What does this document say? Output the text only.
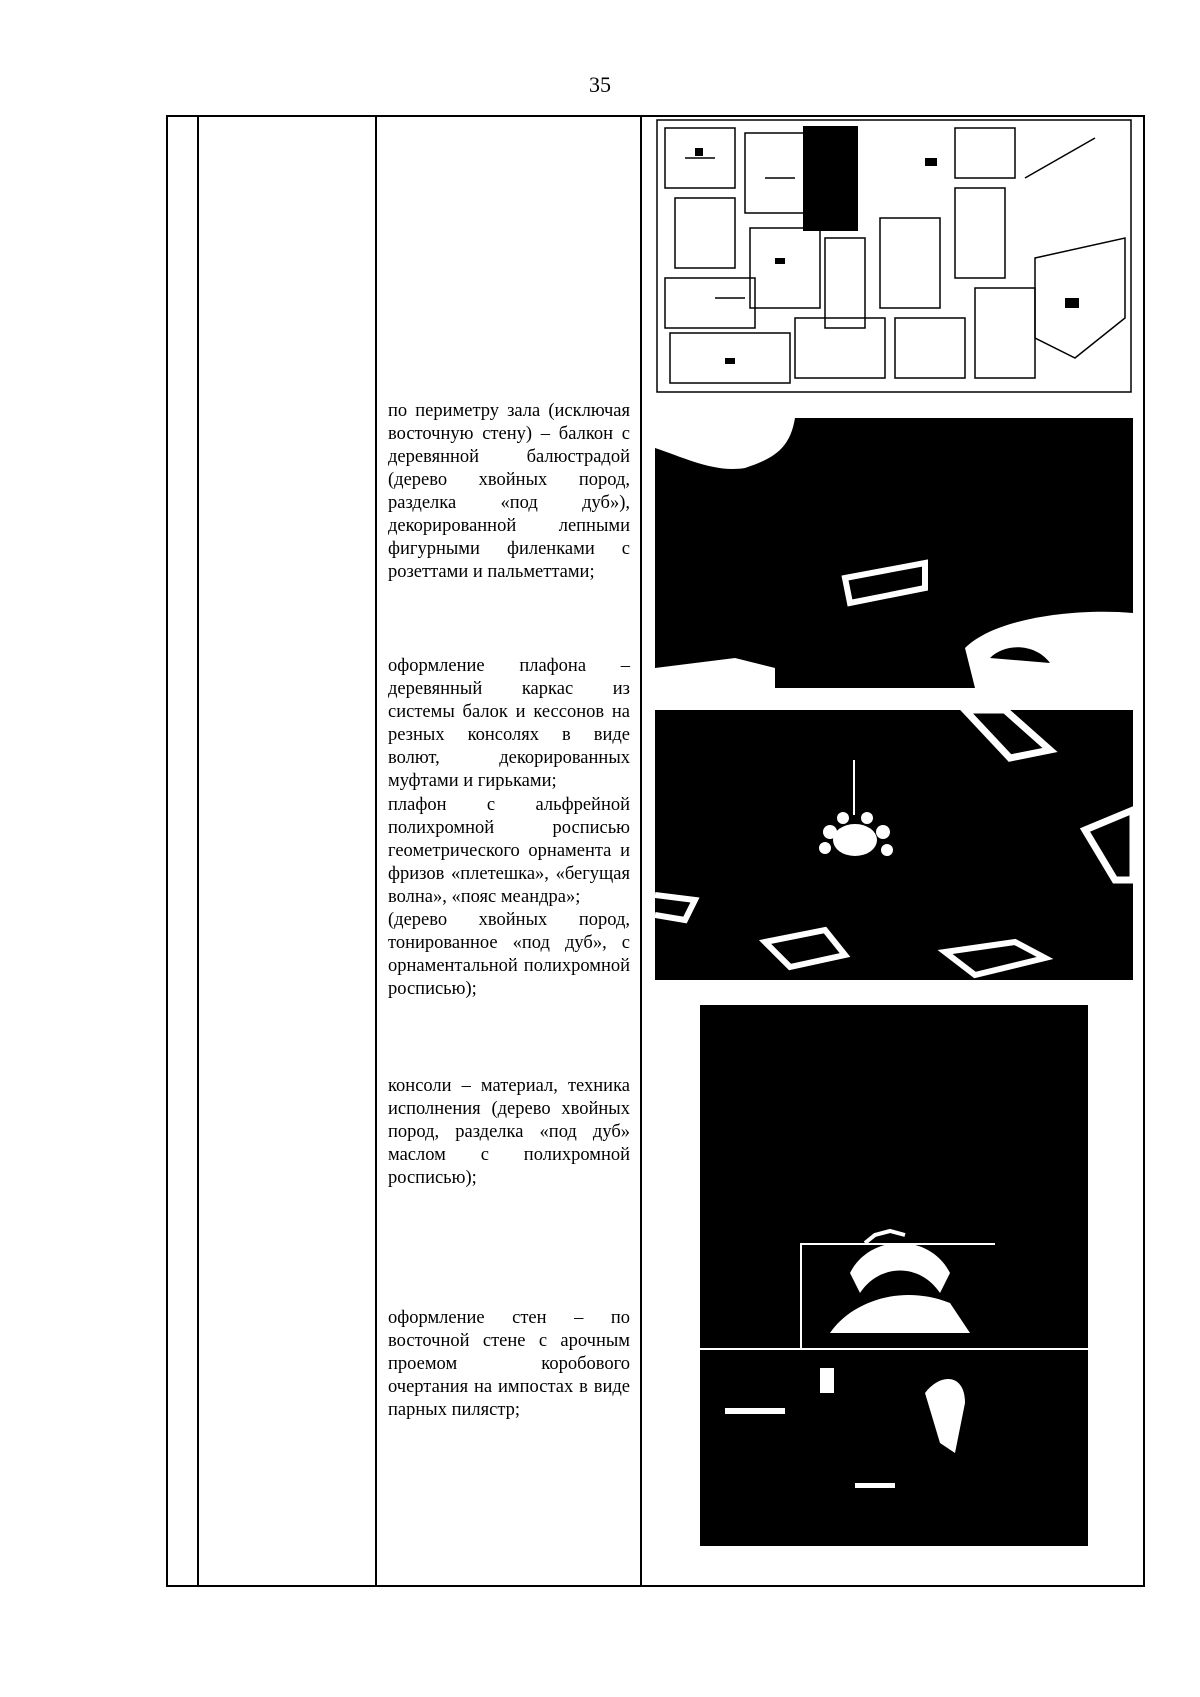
35

по периметру зала (исключая восточную стену) – балкон с деревянной балюстрадой (дерево хвойных пород, разделка «под дуб»), декорированной лепными фигурными филенками с розеттами и пальметтами;

оформление плафона – деревянный каркас из системы балок и кессонов на резных консолях в виде волют, декорированных муфтами и гирьками;

плафон с альфрейной полихромной росписью геометрического орнамента и фризов «плетешка», «бегущая волна», «пояс меандра»;

(дерево хвойных пород, тонированное «под дуб», с орнаментальной полихромной росписью);

консоли – материал, техника исполнения (дерево хвойных пород, разделка «под дуб» маслом с полихромной росписью);

оформление стен – по восточной стене с арочным проемом коробового очертания на импостах в виде парных пилястр;
